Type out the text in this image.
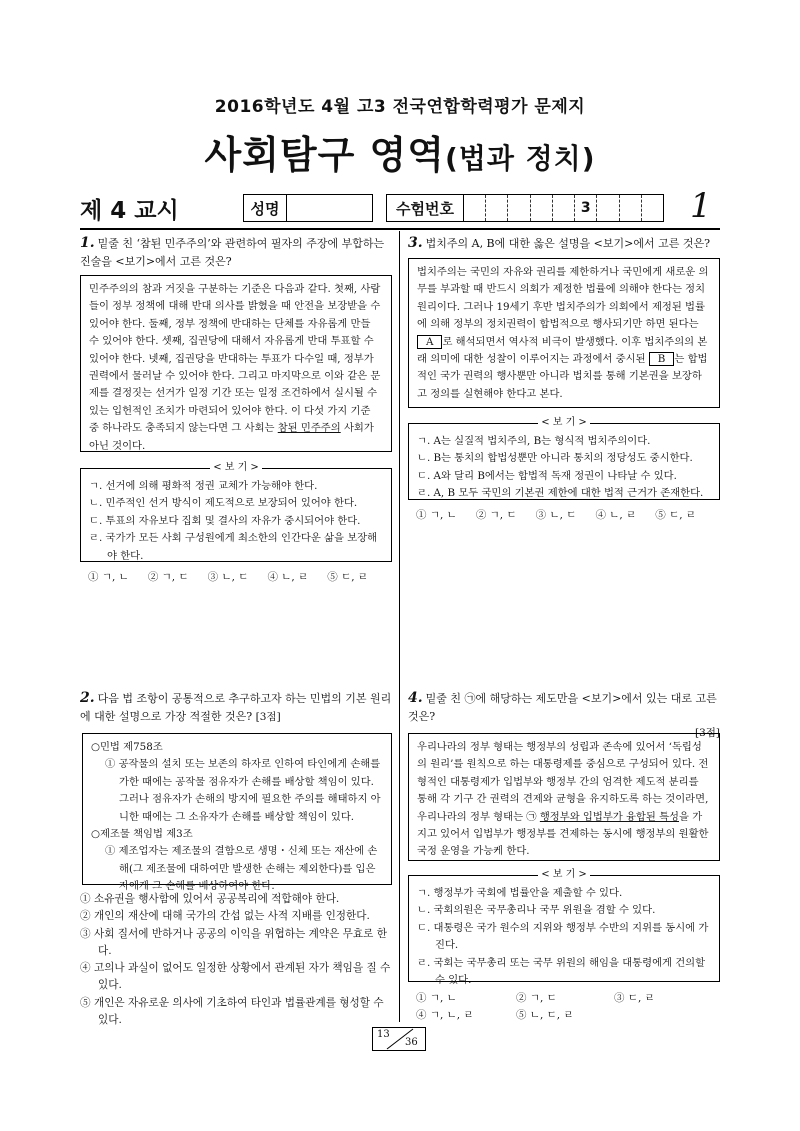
2016학년도 4월 고3 전국연합학력평가 문제지
사회탐구 영역(법과 정치)
제 4 교시	성명	수험번호	3	1
1. 밑줄 친 ‘참된 민주주의’와 관련하여 필자의 주장에 부합하는 진술을 <보기>에서 고른 것은?
민주주의의 참과 거짓을 구분하는 기준은 다음과 같다. 첫째, 사람들이 정부 정책에 대해 반대 의사를 밝혔을 때 안전을 보장받을 수 있어야 한다. 둘째, 정부 정책에 반대하는 단체를 자유롭게 만들 수 있어야 한다. 셋째, 집권당에 대해서 자유롭게 반대 투표할 수 있어야 한다. 넷째, 집권당을 반대하는 투표가 다수일 때, 정부가 권력에서 물러날 수 있어야 한다. 그리고 마지막으로 이와 같은 문제를 결정짓는 선거가 일정 기간 또는 일정 조건하에서 실시될 수 있는 입헌적인 조치가 마련되어 있어야 한다. 이 다섯 가지 기준 중 하나라도 충족되지 않는다면 그 사회는 참된 민주주의 사회가 아닌 것이다.
< 보 기 >
ㄱ. 선거에 의해 평화적 정권 교체가 가능해야 한다.
ㄴ. 민주적인 선거 방식이 제도적으로 보장되어 있어야 한다.
ㄷ. 투표의 자유보다 집회 및 결사의 자유가 중시되어야 한다.
ㄹ. 국가가 모든 사회 구성원에게 최소한의 인간다운 삶을 보장해야 한다.
① ㄱ, ㄴ ② ㄱ, ㄷ ③ ㄴ, ㄷ ④ ㄴ, ㄹ ⑤ ㄷ, ㄹ
2. 다음 법 조항이 공통적으로 추구하고자 하는 민법의 기본 원리에 대한 설명으로 가장 적절한 것은? [3점]
○민법 제758조
① 공작물의 설치 또는 보존의 하자로 인하여 타인에게 손해를 가한 때에는 공작물 점유자가 손해를 배상할 책임이 있다. 그러나 점유자가 손해의 방지에 필요한 주의를 해태하지 아니한 때에는 그 소유자가 손해를 배상할 책임이 있다.
○제조물 책임법 제3조
① 제조업자는 제조물의 결함으로 생명・신체 또는 재산에 손해(그 제조물에 대하여만 발생한 손해는 제외한다)를 입은 자에게 그 손해를 배상하여야 한다.
① 소유권을 행사함에 있어서 공공복리에 적합해야 한다.
② 개인의 재산에 대해 국가의 간섭 없는 사적 지배를 인정한다.
③ 사회 질서에 반하거나 공공의 이익을 위협하는 계약은 무효로 한다.
④ 고의나 과실이 없어도 일정한 상황에서 관계된 자가 책임을 질 수 있다.
⑤ 개인은 자유로운 의사에 기초하여 타인과 법률관계를 형성할 수 있다.
3. 법치주의 A, B에 대한 옳은 설명을 <보기>에서 고른 것은?
법치주의는 국민의 자유와 권리를 제한하거나 국민에게 새로운 의무를 부과할 때 반드시 의회가 제정한 법률에 의해야 한다는 정치 원리이다. 그러나 19세기 후반 법치주의가 의회에서 제정된 법률에 의해 정부의 정치권력이 합법적으로 행사되기만 하면 된다는 A 로 해석되면서 역사적 비극이 발생했다. 이후 법치주의의 본래 의미에 대한 성찰이 이루어지는 과정에서 중시된 B 는 합법적인 국가 권력의 행사뿐만 아니라 법치를 통해 기본권을 보장하고 정의를 실현해야 한다고 본다.
< 보 기 >
ㄱ. A는 실질적 법치주의, B는 형식적 법치주의이다.
ㄴ. B는 통치의 합법성뿐만 아니라 통치의 정당성도 중시한다.
ㄷ. A와 달리 B에서는 합법적 독재 정권이 나타날 수 있다.
ㄹ. A, B 모두 국민의 기본권 제한에 대한 법적 근거가 존재한다.
① ㄱ, ㄴ ② ㄱ, ㄷ ③ ㄴ, ㄷ ④ ㄴ, ㄹ ⑤ ㄷ, ㄹ
4. 밑줄 친 ㉠에 해당하는 제도만을 <보기>에서 있는 대로 고른 것은?
[3점]
우리나라의 정부 형태는 행정부의 성립과 존속에 있어서 ‘독립성의 원리’를 원칙으로 하는 대통령제를 중심으로 구성되어 있다. 전형적인 대통령제가 입법부와 행정부 간의 엄격한 제도적 분리를 통해 각 기구 간 권력의 견제와 균형을 유지하도록 하는 것이라면, 우리나라의 정부 형태는 ㉠ 행정부와 입법부가 융합된 특성을 가지고 있어서 입법부가 행정부를 견제하는 동시에 행정부의 원활한 국정 운영을 가능케 한다.
< 보 기 >
ㄱ. 행정부가 국회에 법률안을 제출할 수 있다.
ㄴ. 국회의원은 국무총리나 국무 위원을 겸할 수 있다.
ㄷ. 대통령은 국가 원수의 지위와 행정부 수반의 지위를 동시에 가진다.
ㄹ. 국회는 국무총리 또는 국무 위원의 해임을 대통령에게 건의할 수 있다.
① ㄱ, ㄴ	② ㄱ, ㄷ	③ ㄷ, ㄹ
④ ㄱ, ㄴ, ㄹ	⑤ ㄴ, ㄷ, ㄹ
13
36
